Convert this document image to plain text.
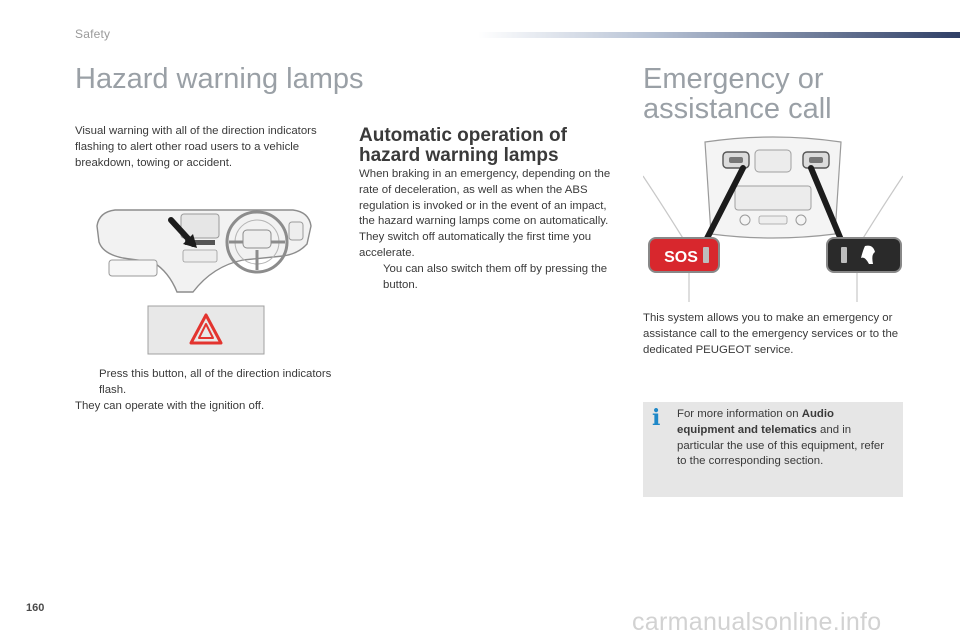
Safety
Hazard warning lamps
Visual warning with all of the direction indicators flashing to alert other road users to a vehicle breakdown, towing or accident.
Press this button, all of the direction indicators flash.
They can operate with the ignition off.
Automatic operation of hazard warning lamps
When braking in an emergency, depending on the rate of deceleration, as well as when the ABS regulation is invoked or in the event of an impact, the hazard warning lamps come on automatically.
They switch off automatically the first time you accelerate.
You can also switch them off by pressing the button.
Emergency or
assistance call
SOS
This system allows you to make an emergency or assistance call to the emergency services or to the dedicated PEUGEOT service.
i For more information on Audio equipment and telematics and in particular the use of this equipment, refer to the corresponding section.
160	carmanualsonline.info
